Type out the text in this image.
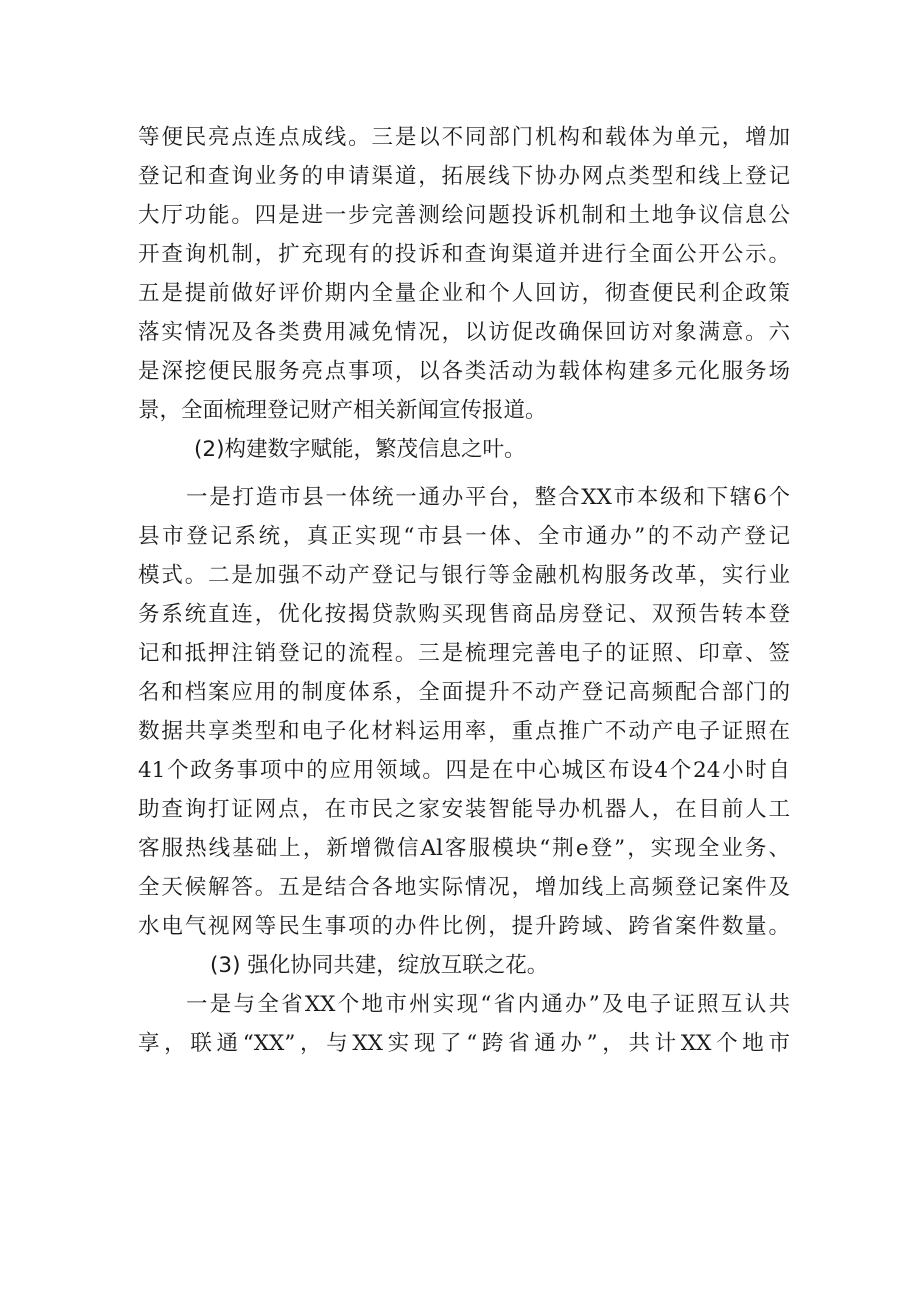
等便民亮点连点成线。三是以不同部门机构和载体为单元，增加
登记和查询业务的申请渠道，拓展线下协办网点类型和线上登记
大厅功能。四是进一步完善测绘问题投诉机制和土地争议信息公
开查询机制，扩充现有的投诉和查询渠道并进行全面公开公示。
五是提前做好评价期内全量企业和个人回访，彻查便民利企政策
落实情况及各类费用减免情况，以访促改确保回访对象满意。六
是深挖便民服务亮点事项，以各类活动为载体构建多元化服务场
景，全面梳理登记财产相关新闻宣传报道。
(2)构建数字赋能，繁茂信息之叶。
一是打造市县一体统一通办平台，整合XX市本级和下辖6个
县市登记系统，真正实现“市县一体、全市通办”的不动产登记
模式。二是加强不动产登记与银行等金融机构服务改革，实行业
务系统直连，优化按揭贷款购买现售商品房登记、双预告转本登
记和抵押注销登记的流程。三是梳理完善电子的证照、印章、签
名和档案应用的制度体系，全面提升不动产登记高频配合部门的
数据共享类型和电子化材料运用率，重点推广不动产电子证照在
41个政务事项中的应用领域。四是在中心城区布设4个24小时自
助查询打证网点，在市民之家安装智能导办机器人，在目前人工
客服热线基础上，新增微信Al客服模块“荆e登”，实现全业务、
全天候解答。五是结合各地实际情况，增加线上高频登记案件及
水电气视网等民生事项的办件比例，提升跨域、跨省案件数量。
(3) 强化协同共建，绽放互联之花。
一是与全省XX个地市州实现“省内通办”及电子证照互认共
享，联通“XX”，与XX实现了“跨省通办”，共计XX个地市
